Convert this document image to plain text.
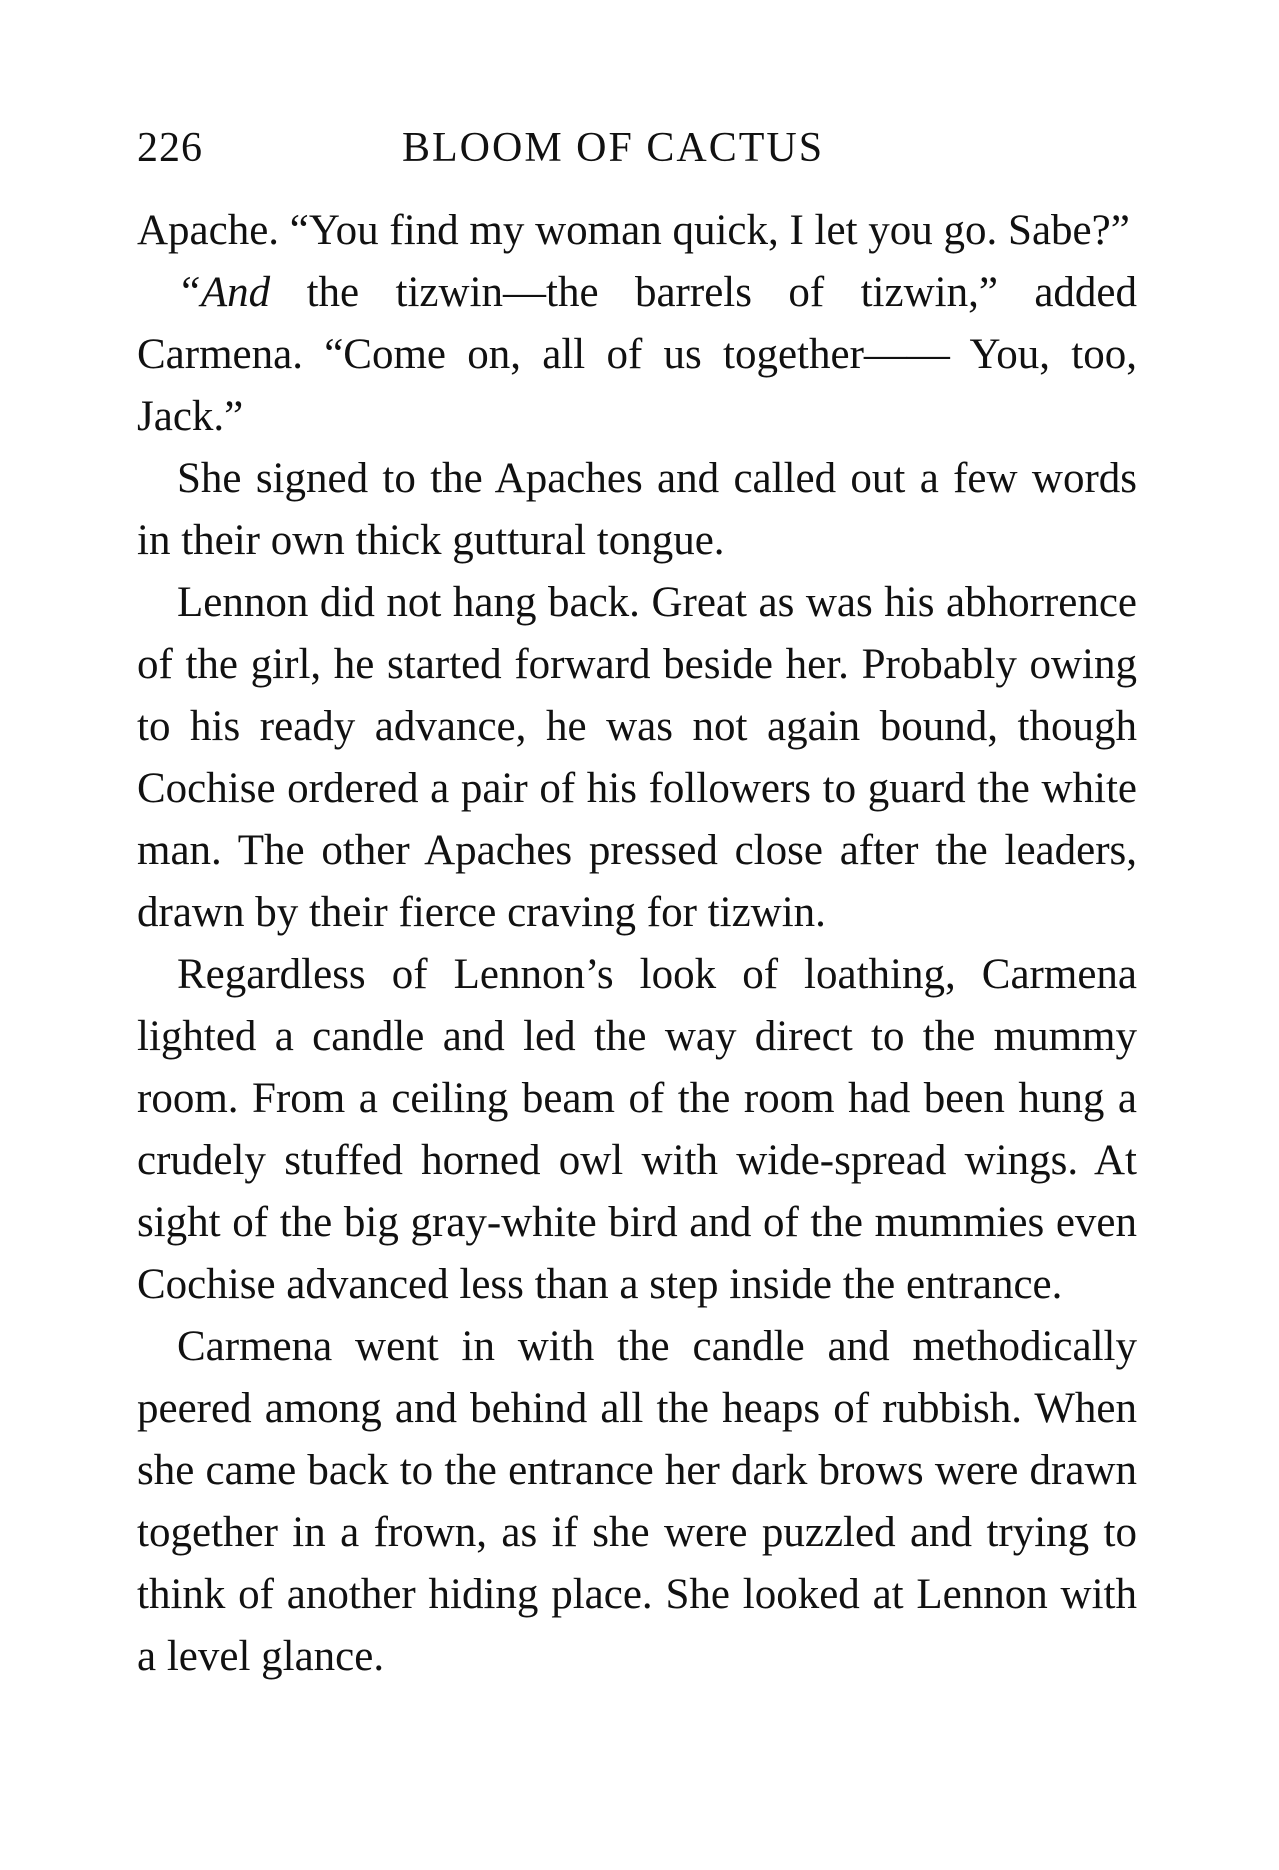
226	BLOOM OF CACTUS

Apache. “You find my woman quick, I let you go. Sabe?”

“And the tizwin—the barrels of tizwin,” added Carmena. “Come on, all of us together—— You, too, Jack.”

She signed to the Apaches and called out a few words in their own thick guttural tongue.

Lennon did not hang back. Great as was his abhorrence of the girl, he started forward beside her. Probably owing to his ready advance, he was not again bound, though Cochise ordered a pair of his followers to guard the white man. The other Apaches pressed close after the leaders, drawn by their fierce craving for tizwin.

Regardless of Lennon’s look of loathing, Carmena lighted a candle and led the way direct to the mummy room. From a ceiling beam of the room had been hung a crudely stuffed horned owl with wide-spread wings. At sight of the big gray-white bird and of the mummies even Cochise advanced less than a step inside the entrance.

Carmena went in with the candle and methodically peered among and behind all the heaps of rubbish. When she came back to the entrance her dark brows were drawn together in a frown, as if she were puzzled and trying to think of another hiding place. She looked at Lennon with a level glance.
